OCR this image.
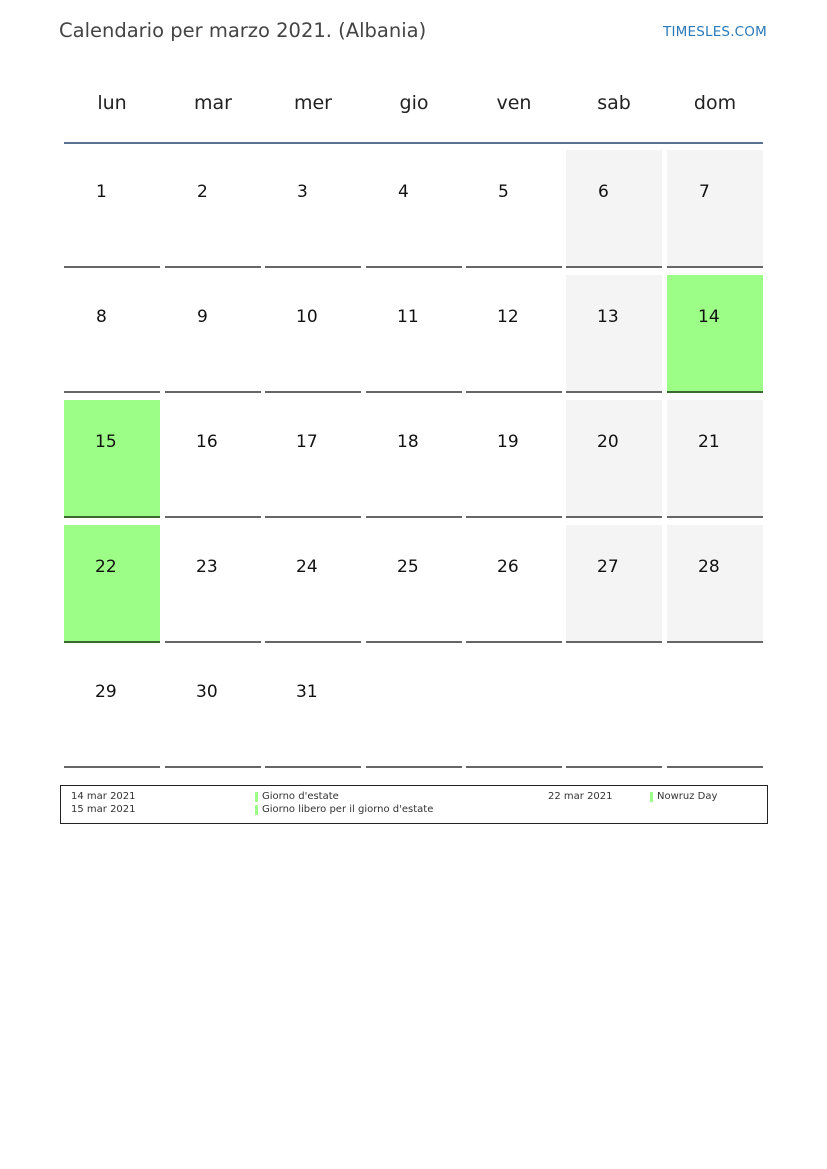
Calendario per marzo 2021. (Albania)	TIMESLES.COM
lun	mar	mer	gio	ven	sab	dom
1	2	3	4	5	6	7
8	9	10	11	12	13	14
15	16	17	18	19	20	21
22	23	24	25	26	27	28
29	30	31
14 mar 2021	Giorno d'estate
15 mar 2021	Giorno libero per il giorno d'estate
22 mar 2021	Nowruz Day
